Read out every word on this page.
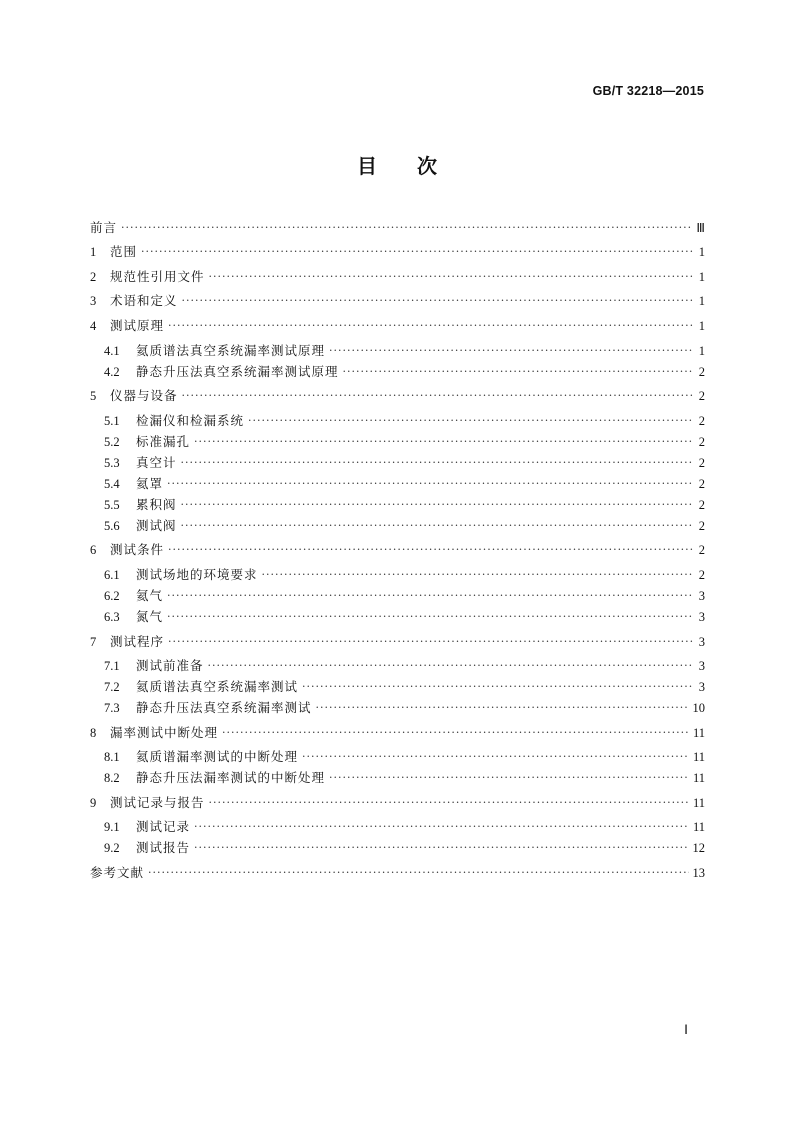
GB/T 32218—2015
目 次
前言 ·····	Ⅲ
1	范围 ·····	1
2	规范性引用文件 ·····	1
3	术语和定义 ·····	1
4	测试原理 ·····	1
4.1	氦质谱法真空系统漏率测试原理 ·····	1
4.2	静态升压法真空系统漏率测试原理 ·····	2
5	仪器与设备 ·····	2
5.1	检漏仪和检漏系统 ·····	2
5.2	标准漏孔 ·····	2
5.3	真空计 ·····	2
5.4	氦罩 ·····	2
5.5	累积阀 ·····	2
5.6	测试阀 ·····	2
6	测试条件 ·····	2
6.1	测试场地的环境要求 ·····	2
6.2	氦气 ·····	3
6.3	氮气 ·····	3
7	测试程序 ·····	3
7.1	测试前准备 ·····	3
7.2	氦质谱法真空系统漏率测试 ·····	3
7.3	静态升压法真空系统漏率测试 ·····	10
8	漏率测试中断处理 ·····	11
8.1	氦质谱漏率测试的中断处理 ·····	11
8.2	静态升压法漏率测试的中断处理 ·····	11
9	测试记录与报告 ·····	11
9.1	测试记录 ·····	11
9.2	测试报告 ·····	12
参考文献 ·····	13
Ⅰ
